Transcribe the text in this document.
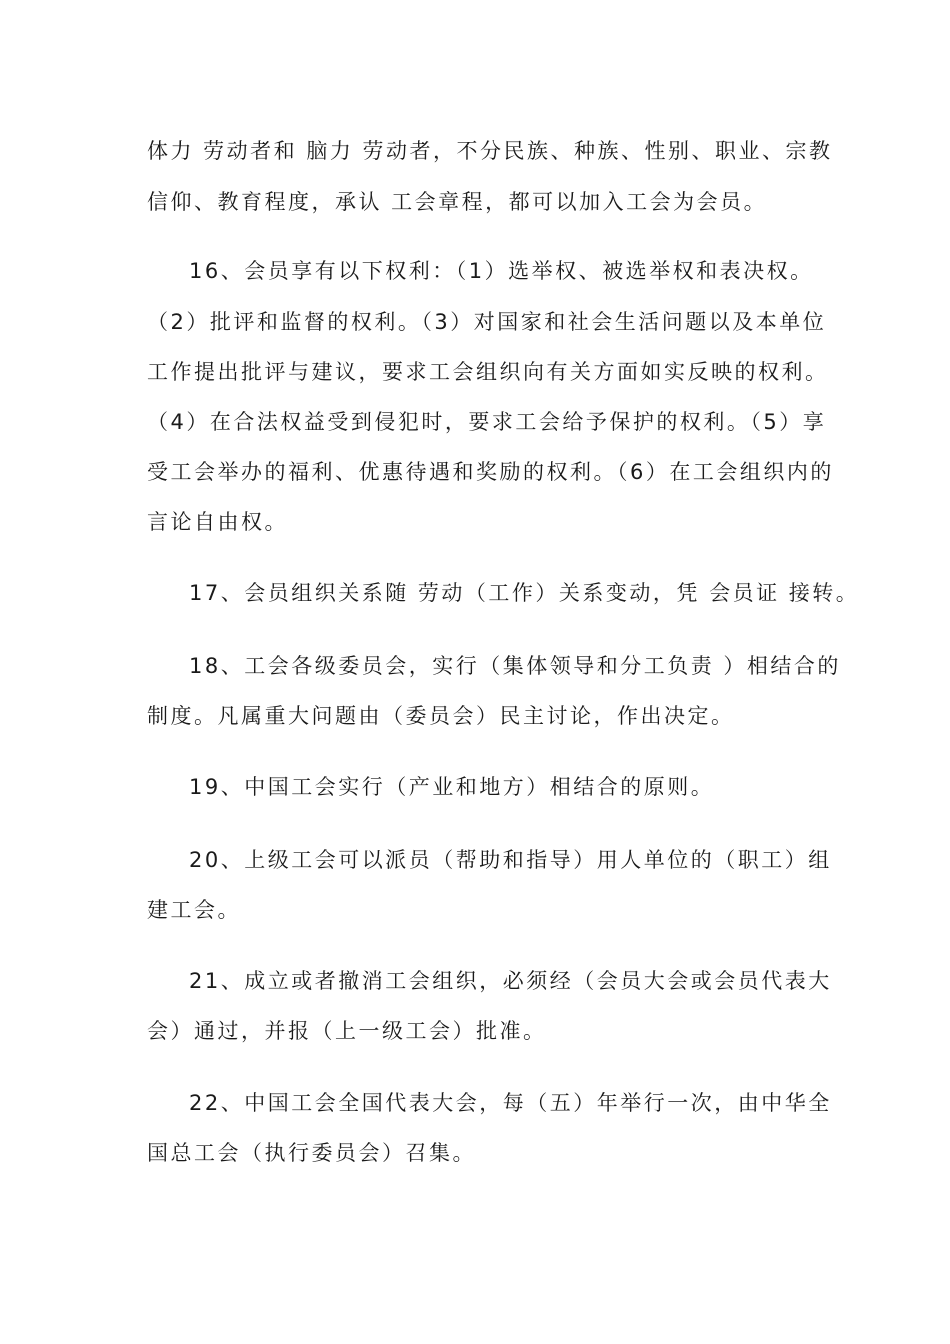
体力 劳动者和 脑力 劳动者，不分民族、种族、性别、职业、宗教
信仰、教育程度，承认 工会章程，都可以加入工会为会员。
16、会员享有以下权利：（1）选举权、被选举权和表决权。
（2）批评和监督的权利。（3）对国家和社会生活问题以及本单位
工作提出批评与建议，要求工会组织向有关方面如实反映的权利。
（4）在合法权益受到侵犯时，要求工会给予保护的权利。（5）享
受工会举办的福利、优惠待遇和奖励的权利。（6）在工会组织内的
言论自由权。
17、会员组织关系随 劳动（工作）关系变动，凭 会员证 接转。
18、工会各级委员会，实行（集体领导和分工负责 ）相结合的
制度。凡属重大问题由（委员会）民主讨论，作出决定。
19、中国工会实行（产业和地方）相结合的原则。
20、上级工会可以派员（帮助和指导）用人单位的（职工）组
建工会。
21、成立或者撤消工会组织，必须经（会员大会或会员代表大
会）通过，并报（上一级工会）批准。
22、中国工会全国代表大会，每（五）年举行一次，由中华全
国总工会（执行委员会）召集。
